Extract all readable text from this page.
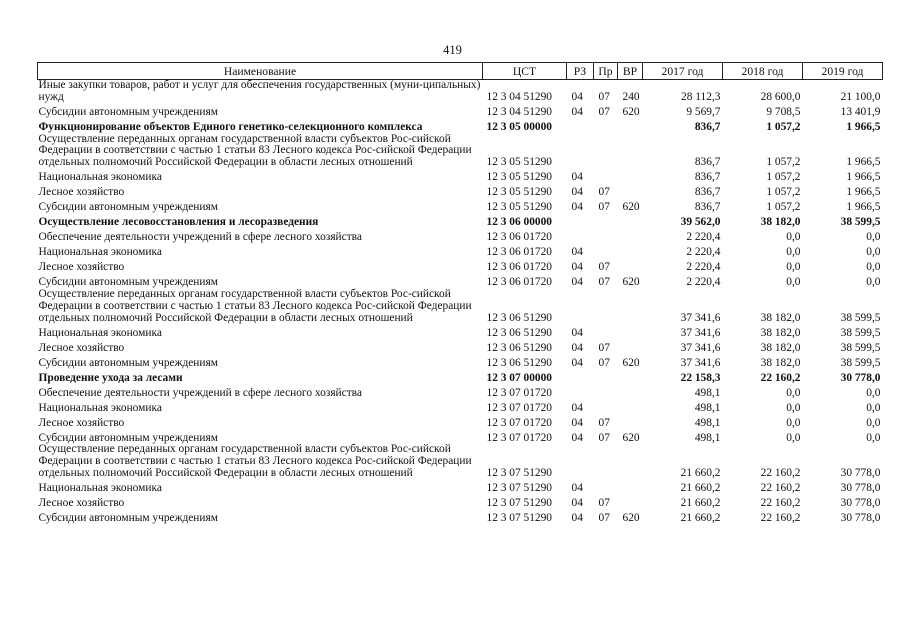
419
Наименование	ЦСТ	РЗ	Пр	ВР	2017 год	2018 год	2019 год
Иные закупки товаров, работ и услуг для обеспечения государственных (муни-ципальных) нужд	12 3 04 51290	04	07	240	28 112,3	28 600,0	21 100,0
Субсидии автономным учреждениям	12 3 04 51290	04	07	620	9 569,7	9 708,5	13 401,9
Функционирование объектов Единого генетико-селекционного комплекса	12 3 05 00000				836,7	1 057,2	1 966,5
Осуществление переданных органам государственной власти субъектов Рос-сийской Федерации в соответствии с частью 1 статьи 83 Лесного кодекса Рос-сийской Федерации отдельных полномочий Российской Федерации в области лесных отношений	12 3 05 51290				836,7	1 057,2	1 966,5
Национальная экономика	12 3 05 51290	04			836,7	1 057,2	1 966,5
Лесное хозяйство	12 3 05 51290	04	07		836,7	1 057,2	1 966,5
Субсидии автономным учреждениям	12 3 05 51290	04	07	620	836,7	1 057,2	1 966,5
Осуществление лесовосстановления и лесоразведения	12 3 06 00000				39 562,0	38 182,0	38 599,5
Обеспечение деятельности учреждений в сфере лесного хозяйства	12 3 06 01720				2 220,4	0,0	0,0
Национальная экономика	12 3 06 01720	04			2 220,4	0,0	0,0
Лесное хозяйство	12 3 06 01720	04	07		2 220,4	0,0	0,0
Субсидии автономным учреждениям	12 3 06 01720	04	07	620	2 220,4	0,0	0,0
Осуществление переданных органам государственной власти субъектов Рос-сийской Федерации в соответствии с частью 1 статьи 83 Лесного кодекса Рос-сийской Федерации отдельных полномочий Российской Федерации в области лесных отношений	12 3 06 51290				37 341,6	38 182,0	38 599,5
Национальная экономика	12 3 06 51290	04			37 341,6	38 182,0	38 599,5
Лесное хозяйство	12 3 06 51290	04	07		37 341,6	38 182,0	38 599,5
Субсидии автономным учреждениям	12 3 06 51290	04	07	620	37 341,6	38 182,0	38 599,5
Проведение ухода за лесами	12 3 07 00000				22 158,3	22 160,2	30 778,0
Обеспечение деятельности учреждений в сфере лесного хозяйства	12 3 07 01720				498,1	0,0	0,0
Национальная экономика	12 3 07 01720	04			498,1	0,0	0,0
Лесное хозяйство	12 3 07 01720	04	07		498,1	0,0	0,0
Субсидии автономным учреждениям	12 3 07 01720	04	07	620	498,1	0,0	0,0
Осуществление переданных органам государственной власти субъектов Рос-сийской Федерации в соответствии с частью 1 статьи 83 Лесного кодекса Рос-сийской Федерации отдельных полномочий Российской Федерации в области лесных отношений	12 3 07 51290				21 660,2	22 160,2	30 778,0
Национальная экономика	12 3 07 51290	04			21 660,2	22 160,2	30 778,0
Лесное хозяйство	12 3 07 51290	04	07		21 660,2	22 160,2	30 778,0
Субсидии автономным учреждениям	12 3 07 51290	04	07	620	21 660,2	22 160,2	30 778,0
